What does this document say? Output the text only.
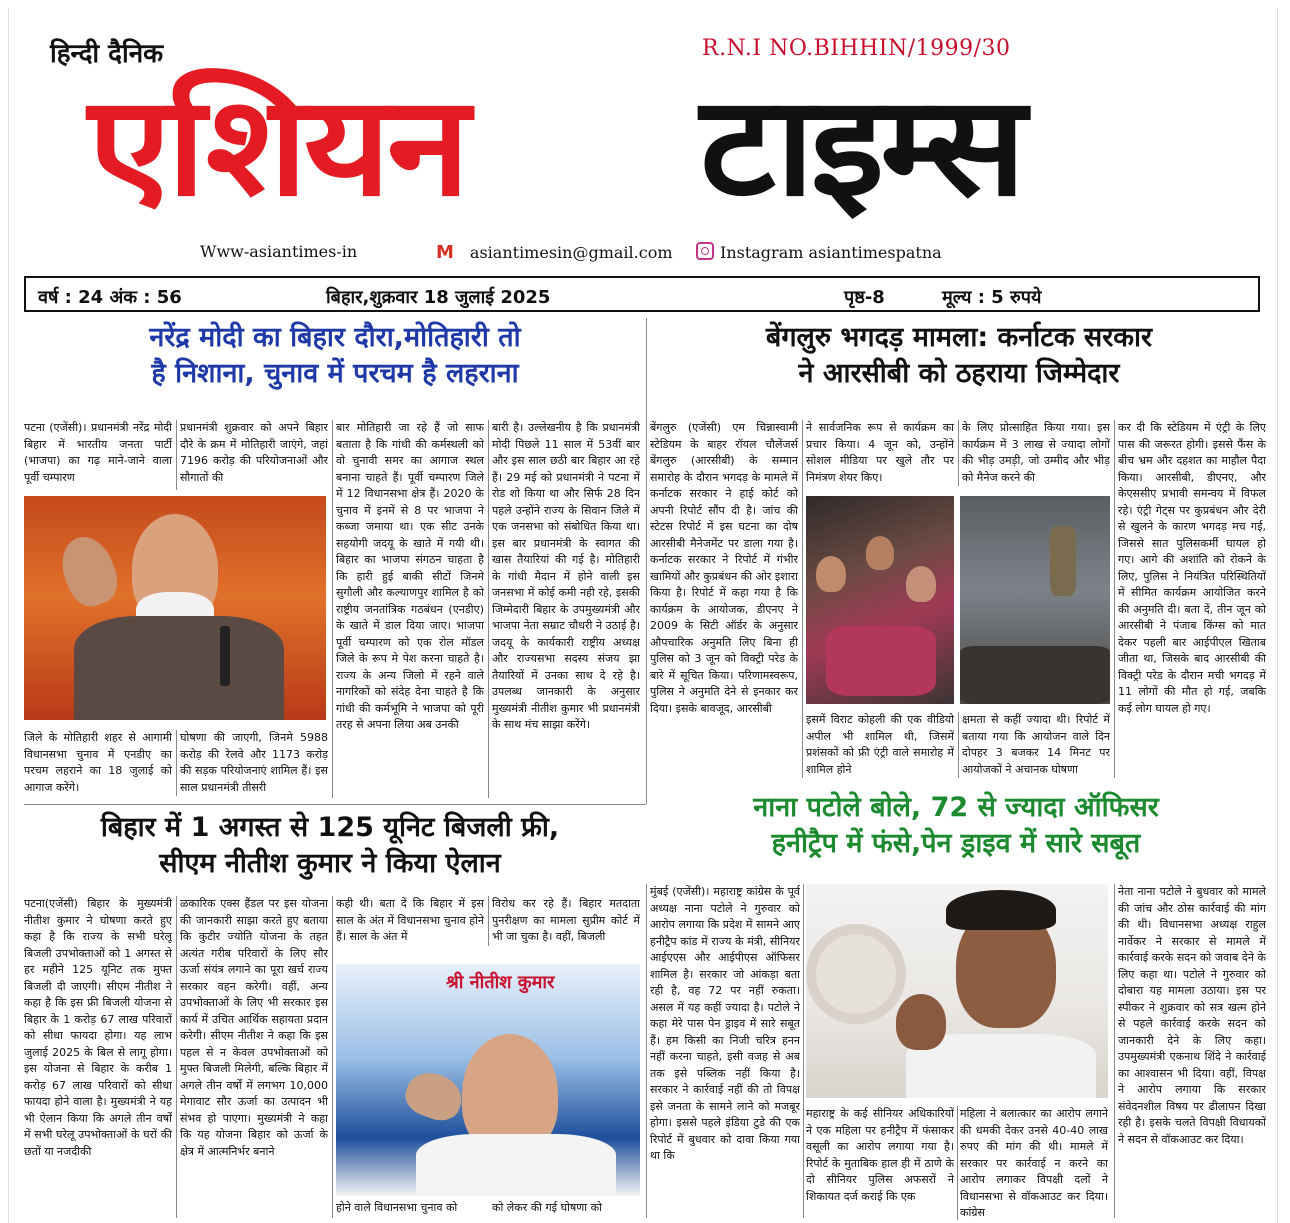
हिन्दी दैनिक	R.N.I NO.BIHHIN/1999/30
एशियन टाइम्स
Www-asiantimes-in	M asiantimesin@gmail.com	Instagram asiantimespatna
वर्ष : 24 अंक : 56	बिहार,शुक्रवार 18 जुलाई 2025	पृष्ठ-8	मूल्य : 5 रुपये
नरेंद्र मोदी का बिहार दौरा,मोतिहारी तो
है निशाना, चुनाव में परचम है लहराना
पटना (एजेंसी)। प्रधानमंत्री नरेंद्र मोदी बिहार में भारतीय जनता पार्टी (भाजपा) का गढ़ माने-जाने वाला पूर्वी चम्पारण
प्रधानमंत्री शुक्रवार को अपने बिहार दौरे के क्रम में मोतिहारी जाएंगे, जहां 7196 करोड़ की परियोजनाओं और सौगातों की
जिले के मोतिहारी शहर से आगामी विधानसभा चुनाव में एनडीए का परचम लहराने का 18 जुलाई को आगाज करेंगे।
घोषणा की जाएगी, जिनमे 5988 करोड़ की रेलवे और 1173 करोड़ की सड़क परियोजनाएं शामिल हैं। इस साल प्रधानमंत्री तीसरी
बार मोतिहारी जा रहे हैं जो साफ बताता है कि गांधी की कर्मस्थली को वो चुनावी समर का आगाज स्थल बनाना चाहते हैं। पूर्वी चम्पारण जिले में 12 विधानसभा क्षेत्र हैं। 2020 के चुनाव में इनमें से 8 पर भाजपा ने कब्जा जमाया था। एक सीट उनके सहयोगी जदयू के खाते में गयी थी। बिहार का भाजपा संगठन चाहता है कि हारी हुई बाकी सीटों जिनमे सुगौली और कल्याणपुर शामिल है को राष्ट्रीय जनतांत्रिक गठबंधन (एनडीए) के खाते में डाल दिया जाए। भाजपा पूर्वी चम्पारण को एक रोल मॉडल जिले के रूप मे पेश करना चाहते है। राज्य के अन्य जिलो में रहने वाले नागरिकों को संदेह देना चाहते है कि गांधी की कर्मभूमि ने भाजपा को पूरी तरह से अपना लिया अब उनकी
बारी है। उल्लेखनीय है कि प्रधानमंत्री मोदी पिछले 11 साल में 53वीं बार और इस साल छठी बार बिहार आ रहे हैं। 29 मई को प्रधानमंत्री ने पटना में रोड शो किया था और सिर्फ 28 दिन पहले उन्होंने राज्य के सिवान जिले में एक जनसभा को संबोधित किया था। इस बार प्रधानमंत्री के स्वागत की खास तैयारियां की गई है। मोतिहारी के गांधी मैदान में होने वाली इस जनसभा में कोई कमी नही रहे, इसकी जिम्मेदारी बिहार के उपमुख्यमंत्री और भाजपा नेता सम्राट चौधरी ने उठाई है। जदयू के कार्यकारी राष्ट्रीय अध्यक्ष और राज्यसभा सदस्य संजय झा तैयारियों में उनका साथ दे रहे है। उपलब्ध जानकारी के अनुसार मुख्यमंत्री नीतीश कुमार भी प्रधानमंत्री के साथ मंच साझा करेंगे।
बेंगलुरु भगदड़ मामला: कर्नाटक सरकार
ने आरसीबी को ठहराया जिम्मेदार
बेंगलुरु (एजेंसी) एम चिन्नास्वामी स्टेडियम के बाहर रॉयल चौलेंजर्स बेंगलुरु (आरसीबी) के सम्मान समारोह के दौरान भगदड़ के मामले में कर्नाटक सरकार ने हाई कोर्ट को अपनी रिपोर्ट सौंप दी है। जांच की स्टेटस रिपोर्ट में इस घटना का दोष आरसीबी मैनेजमेंट पर डाला गया है। कर्नाटक सरकार ने रिपोर्ट में गंभीर खामियों और कुप्रबंधन की ओर इशारा किया है। रिपोर्ट में कहा गया है कि कार्यक्रम के आयोजक, डीएनए ने 2009 के सिटी ऑर्डर के अनुसार औपचारिक अनुमति लिए बिना ही पुलिस को 3 जून को विक्ट्री परेड के बारे में सूचित किया। परिणामस्वरूप, पुलिस ने अनुमति देने से इनकार कर दिया। इसके बावजूद, आरसीबी
ने सार्वजनिक रूप से कार्यक्रम का प्रचार किया। 4 जून को, उन्होंने सोशल मीडिया पर खुले तौर पर निमंत्रण शेयर किए।
के लिए प्रोत्साहित किया गया। इस कार्यक्रम में 3 लाख से ज्यादा लोगों की भीड़ उमड़ी, जो उम्मीद और भीड़ को मैनेज करने की
इसमें विराट कोहली की एक वीडियो अपील भी शामिल थी, जिसमें प्रशंसकों को फ्री एंट्री वाले समारोह में शामिल होने
क्षमता से कहीं ज्यादा थी। रिपोर्ट में बताया गया कि आयोजन वाले दिन दोपहर 3 बजकर 14 मिनट पर आयोजकों ने अचानक घोषणा
कर दी कि स्टेडियम में एंट्री के लिए पास की जरूरत होगी। इससे फैंस के बीच भ्रम और दहशत का माहौल पैदा किया। आरसीबी, डीएनए, और केएससीए प्रभावी समन्वय में विफल रहे। एंट्री गेट्स पर कुप्रबंधन और देरी से खुलने के कारण भगदड़ मच गई, जिससे सात पुलिसकर्मी घायल हो गए। आगे की अशांति को रोकने के लिए, पुलिस ने नियंत्रित परिस्थितियों में सीमित कार्यक्रम आयोजित करने की अनुमति दी। बता दें, तीन जून को आरसीबी ने पंजाब किंग्स को मात देकर पहली बार आईपीएल खिताब जीता था, जिसके बाद आरसीबी की विक्ट्री परेड के दौरान मची भगदड़ में 11 लोगों की मौत हो गई, जबकि कई लोग घायल हो गए।
बिहार में 1 अगस्त से 125 यूनिट बिजली फ्री,
सीएम नीतीश कुमार ने किया ऐलान
पटना(एजेंसी) बिहार के मुख्यमंत्री नीतीश कुमार ने घोषणा करते हुए कहा है कि राज्य के सभी घरेलू बिजली उपभोक्ताओं को 1 अगस्त से हर महीने 125 यूनिट तक मुफ्त बिजली दी जाएगी। सीएम नीतीश ने कहा है कि इस फ्री बिजली योजना से बिहार के 1 करोड़ 67 लाख परिवारों को सीधा फायदा होगा। यह लाभ जुलाई 2025 के बिल से लागू होगा। इस योजना से बिहार के करीब 1 करोड़ 67 लाख परिवारों को सीधा फायदा होने वाला है। मुख्यमंत्री ने यह भी ऐलान किया कि अगले तीन वर्षों में सभी घरेलू उपभोक्ताओं के घरों की छतों या नजदीकी
ळकारिक एक्स हैंडल पर इस योजना की जानकारी साझा करते हुए बताया कि कुटीर ज्योति योजना के तहत अत्यंत गरीब परिवारों के लिए सौर ऊर्जा संयंत्र लगाने का पूरा खर्च राज्य सरकार वहन करेगी। वहीं, अन्य उपभोक्ताओं के लिए भी सरकार इस कार्य में उचित आर्थिक सहायता प्रदान करेगी। सीएम नीतीश ने कहा कि इस पहल से न केवल उपभोक्ताओं को मुफ्त बिजली मिलेगी, बल्कि बिहार में अगले तीन वर्षों में लगभग 10,000 मेगावाट सौर ऊर्जा का उत्पादन भी संभव हो पाएगा। मुख्यमंत्री ने कहा कि यह योजना बिहार को ऊर्जा के क्षेत्र में आत्मनिर्भर बनाने
कही थी। बता दें कि बिहार में इस साल के अंत में विधानसभा चुनाव होने हैं। साल के अंत में
विरोध कर रहे हैं। बिहार मतदाता पुनरीक्षण का मामला सुप्रीम कोर्ट में भी जा चुका है। वहीं, बिजली
श्री नीतीश कुमार
होने वाले विधानसभा चुनाव को	को लेकर की गई घोषणा को
नाना पटोले बोले, 72 से ज्यादा ऑफिसर
हनीट्रैप में फंसे,पेन ड्राइव में सारे सबूत
मुंबई (एजेंसी)। महाराष्ट्र कांग्रेस के पूर्व अध्यक्ष नाना पटोले ने गुरुवार को आरोप लगाया कि प्रदेश में सामने आए हनीट्रैप कांड में राज्य के मंत्री, सीनियर आईएएस और आईपीएस ऑफिसर शामिल है। सरकार जो आंकड़ा बता रही है, वह 72 पर नहीं रुकता। असल में यह कहीं ज्यादा है। पटोले ने कहा मेरे पास पेन ड्राइव में सारे सबूत हैं। हम किसी का निजी चरित्र हनन नहीं करना चाहते, इसी वजह से अब तक इसे पब्लिक नहीं किया है। सरकार ने कार्रवाई नहीं की तो विपक्ष इसे जनता के सामने लाने को मजबूर होगा। इससे पहले इंडिया टुडे की एक रिपोर्ट में बुधवार को दावा किया गया था कि
महाराष्ट्र के कई सीनियर अधिकारियों ने एक महिला पर हनीट्रैप में फंसाकर वसूली का आरोप लगाया गया है। रिपोर्ट के मुताबिक हाल ही में ठाणे के दो सीनियर पुलिस अफसरों ने शिकायत दर्ज कराई कि एक
महिला ने बलात्कार का आरोप लगाने की धमकी देकर उनसे 40-40 लाख रुपए की मांग की थी। मामले में सरकार पर कार्रवाई न करने का आरोप लगाकर विपक्षी दलों ने विधानसभा से वॉकआउट कर दिया। कांग्रेस
नेता नाना पटोले ने बुधवार को मामले की जांच और ठोस कार्रवाई की मांग की थी। विधानसभा अध्यक्ष राहुल नार्वेकर ने सरकार से मामले में कार्रवाई करके सदन को जवाब देने के लिए कहा था। पटोले ने गुरुवार को दोबारा यह मामला उठाया। इस पर स्पीकर ने शुक्रवार को सत्र खत्म होने से पहले कार्रवाई करके सदन को जानकारी देने के लिए कहा। उपमुख्यमंत्री एकनाथ शिंदे ने कार्रवाई का आश्वासन भी दिया। वहीं, विपक्ष ने आरोप लगाया कि सरकार संवेदनशील विषय पर ढीलापन दिखा रही है। इसके चलते विपक्षी विधायकों ने सदन से वॉकआउट कर दिया।
